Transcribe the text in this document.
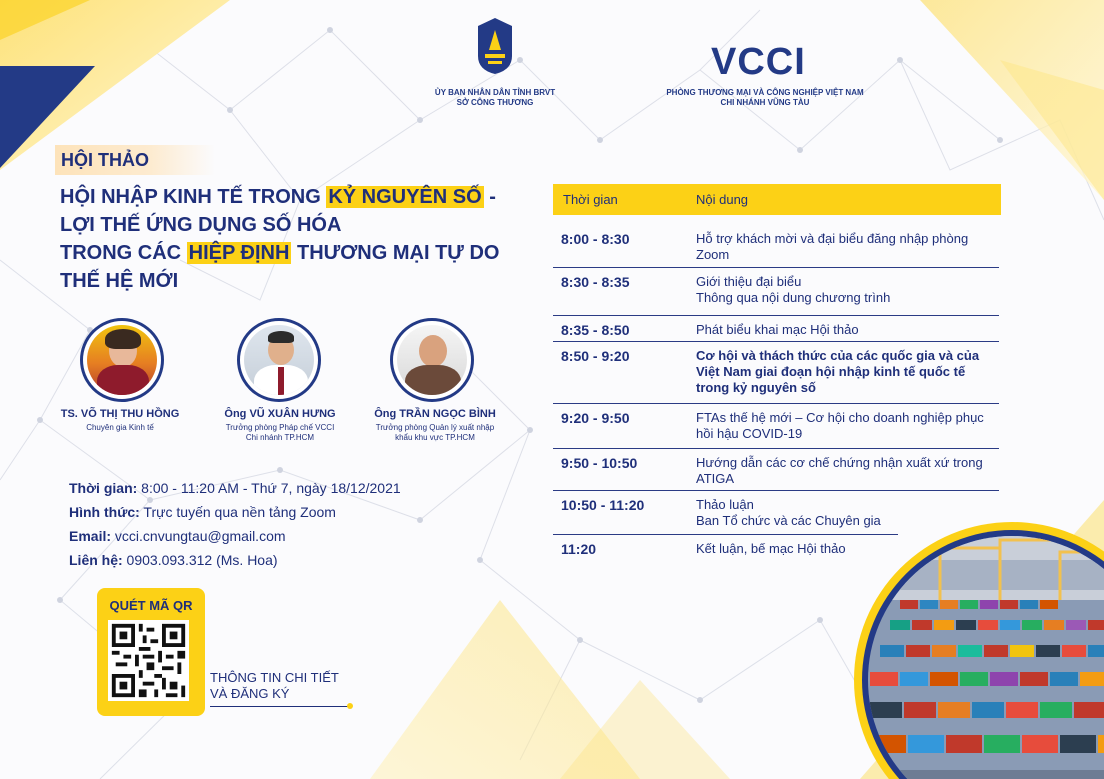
ỦY BAN NHÂN DÂN TỈNH BRVT
SỞ CÔNG THƯƠNG
VCCI
PHÒNG THƯƠNG MẠI VÀ CÔNG NGHIỆP VIỆT NAM
CHI NHÁNH VŨNG TÀU
HỘI THẢO
HỘI NHẬP KINH TẾ TRONG KỶ NGUYÊN SỐ -
LỢI THẾ ỨNG DỤNG SỐ HÓA
TRONG CÁC HIỆP ĐỊNH THƯƠNG MẠI TỰ DO
THẾ HỆ MỚI
TS. VÕ THỊ THU HỒNG
Chuyên gia Kinh tế
Ông VŨ XUÂN HƯNG
Trưởng phòng Pháp chế VCCI
Chi nhánh TP.HCM
Ông TRẦN NGỌC BÌNH
Trưởng phòng Quản lý xuất nhập
khẩu khu vực TP.HCM
Thời gian: 8:00 - 11:20 AM - Thứ 7, ngày 18/12/2021
Hình thức: Trực tuyến qua nền tảng Zoom
Email: vcci.cnvungtau@gmail.com
Liên hệ: 0903.093.312 (Ms. Hoa)
QUÉT MÃ QR
THÔNG TIN CHI TIẾT
VÀ ĐĂNG KÝ
Thời gian	Nội dung
8:00 - 8:30	Hỗ trợ khách mời và đại biểu đăng nhập phòng Zoom
8:30 - 8:35	Giới thiệu đại biểu
Thông qua nội dung chương trình
8:35 - 8:50	Phát biểu khai mạc Hội thảo
8:50 - 9:20	Cơ hội và thách thức của các quốc gia và của Việt Nam giai đoạn hội nhập kinh tế quốc tế trong kỷ nguyên số
9:20 - 9:50	FTAs thế hệ mới – Cơ hội cho doanh nghiệp phục hồi hậu COVID-19
9:50 - 10:50	Hướng dẫn các cơ chế chứng nhận xuất xứ trong ATIGA
10:50 - 11:20	Thảo luận
Ban Tổ chức và các Chuyên gia
11:20	Kết luận, bế mạc Hội thảo
